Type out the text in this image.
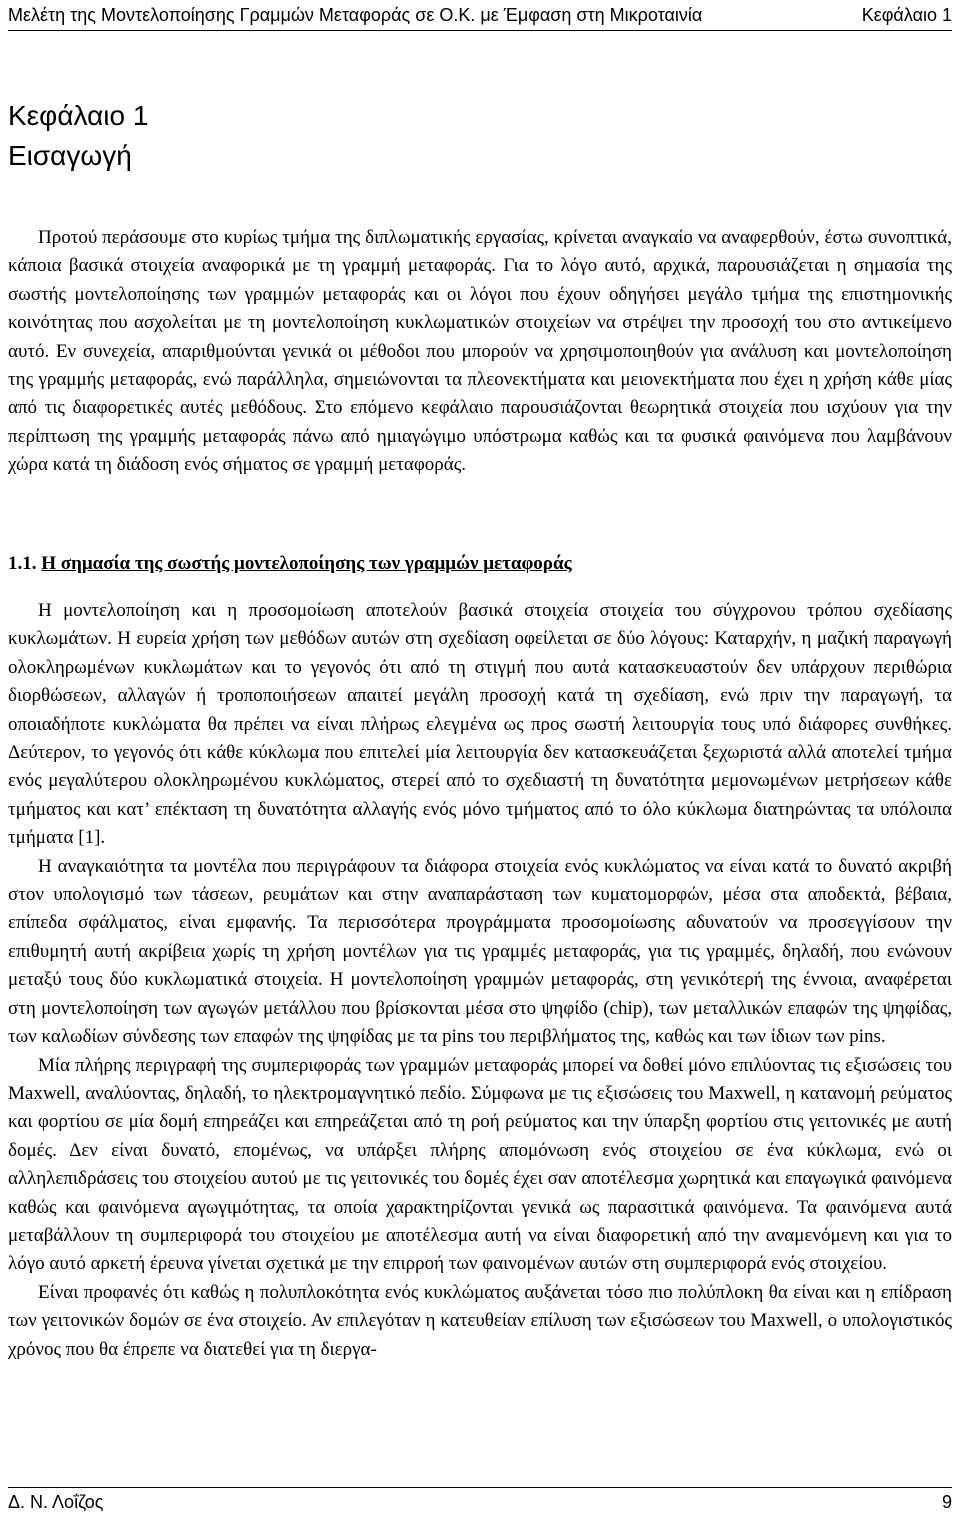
Μελέτη της Μοντελοποίησης Γραμμών Μεταφοράς σε Ο.Κ. με Έμφαση στη Μικροταινία	Κεφάλαιο 1
Κεφάλαιο 1
Εισαγωγή

Προτού περάσουμε στο κυρίως τμήμα της διπλωματικής εργασίας, κρίνεται αναγκαίο να αναφερθούν, έστω συνοπτικά, κάποια βασικά στοιχεία αναφορικά με τη γραμμή μεταφοράς. Για το λόγο αυτό, αρχικά, παρουσιάζεται η σημασία της σωστής μοντελοποίησης των γραμμών μεταφοράς και οι λόγοι που έχουν οδηγήσει μεγάλο τμήμα της επιστημονικής κοινότητας που ασχολείται με τη μοντελοποίηση κυκλωματικών στοιχείων να στρέψει την προσοχή του στο αντικείμενο αυτό. Εν συνεχεία, απαριθμούνται γενικά οι μέθοδοι που μπορούν να χρησιμοποιηθούν για ανάλυση και μοντελοποίηση της γραμμής μεταφοράς, ενώ παράλληλα, σημειώνονται τα πλεονεκτήματα και μειονεκτήματα που έχει η χρήση κάθε μίας από τις διαφορετικές αυτές μεθόδους. Στο επόμενο κεφάλαιο παρουσιάζονται θεωρητικά στοιχεία που ισχύουν για την περίπτωση της γραμμής μεταφοράς πάνω από ημιαγώγιμο υπόστρωμα καθώς και τα φυσικά φαινόμενα που λαμβάνουν χώρα κατά τη διάδοση ενός σήματος σε γραμμή μεταφοράς.

1.1. Η σημασία της σωστής μοντελοποίησης των γραμμών μεταφοράς

Η μοντελοποίηση και η προσομοίωση αποτελούν βασικά στοιχεία στοιχεία του σύγχρονου τρόπου σχεδίασης κυκλωμάτων. Η ευρεία χρήση των μεθόδων αυτών στη σχεδίαση οφείλεται σε δύο λόγους: Καταρχήν, η μαζική παραγωγή ολοκληρωμένων κυκλωμάτων και το γεγονός ότι από τη στιγμή που αυτά κατασκευαστούν δεν υπάρχουν περιθώρια διορθώσεων, αλλαγών ή τροποποιήσεων απαιτεί μεγάλη προσοχή κατά τη σχεδίαση, ενώ πριν την παραγωγή, τα οποιαδήποτε κυκλώματα θα πρέπει να είναι πλήρως ελεγμένα ως προς σωστή λειτουργία τους υπό διάφορες συνθήκες. Δεύτερον, το γεγονός ότι κάθε κύκλωμα που επιτελεί μία λειτουργία δεν κατασκευάζεται ξεχωριστά αλλά αποτελεί τμήμα ενός μεγαλύτερου ολοκληρωμένου κυκλώματος, στερεί από το σχεδιαστή τη δυνατότητα μεμονωμένων μετρήσεων κάθε τμήματος και κατ’ επέκταση τη δυνατότητα αλλαγής ενός μόνο τμήματος από το όλο κύκλωμα διατηρώντας τα υπόλοιπα τμήματα [1].

Η αναγκαιότητα τα μοντέλα που περιγράφουν τα διάφορα στοιχεία ενός κυκλώματος να είναι κατά το δυνατό ακριβή στον υπολογισμό των τάσεων, ρευμάτων και στην αναπαράσταση των κυματομορφών, μέσα στα αποδεκτά, βέβαια, επίπεδα σφάλματος, είναι εμφανής. Τα περισσότερα προγράμματα προσομοίωσης αδυνατούν να προσεγγίσουν την επιθυμητή αυτή ακρίβεια χωρίς τη χρήση μοντέλων για τις γραμμές μεταφοράς, για τις γραμμές, δηλαδή, που ενώνουν μεταξύ τους δύο κυκλωματικά στοιχεία. Η μοντελοποίηση γραμμών μεταφοράς, στη γενικότερή της έννοια, αναφέρεται στη μοντελοποίηση των αγωγών μετάλλου που βρίσκονται μέσα στο ψηφίδο (chip), των μεταλλικών επαφών της ψηφίδας, των καλωδίων σύνδεσης των επαφών της ψηφίδας με τα pins του περιβλήματος της, καθώς και των ίδιων των pins.

Μία πλήρης περιγραφή της συμπεριφοράς των γραμμών μεταφοράς μπορεί να δοθεί μόνο επιλύοντας τις εξισώσεις του Maxwell, αναλύοντας, δηλαδή, το ηλεκτρομαγνητικό πεδίο. Σύμφωνα με τις εξισώσεις του Maxwell, η κατανομή ρεύματος και φορτίου σε μία δομή επηρεάζει και επηρεάζεται από τη ροή ρεύματος και την ύπαρξη φορτίου στις γειτονικές με αυτή δομές. Δεν είναι δυνατό, επομένως, να υπάρξει πλήρης απομόνωση ενός στοιχείου σε ένα κύκλωμα, ενώ οι αλληλεπιδράσεις του στοιχείου αυτού με τις γειτονικές του δομές έχει σαν αποτέλεσμα χωρητικά και επαγωγικά φαινόμενα καθώς και φαινόμενα αγωγιμότητας, τα οποία χαρακτηρίζονται γενικά ως παρασιτικά φαινόμενα. Τα φαινόμενα αυτά μεταβάλλουν τη συμπεριφορά του στοιχείου με αποτέλεσμα αυτή να είναι διαφορετική από την αναμενόμενη και για το λόγο αυτό αρκετή έρευνα γίνεται σχετικά με την επιρροή των φαινομένων αυτών στη συμπεριφορά ενός στοιχείου.

Είναι προφανές ότι καθώς η πολυπλοκότητα ενός κυκλώματος αυξάνεται τόσο πιο πολύπλοκη θα είναι και η επίδραση των γειτονικών δομών σε ένα στοιχείο. Αν επιλεγόταν η κατευθείαν επίλυση των εξισώσεων του Maxwell, ο υπολογιστικός χρόνος που θα έπρεπε να διατεθεί για τη διεργα-

Δ. Ν. Λοΐζος	9
